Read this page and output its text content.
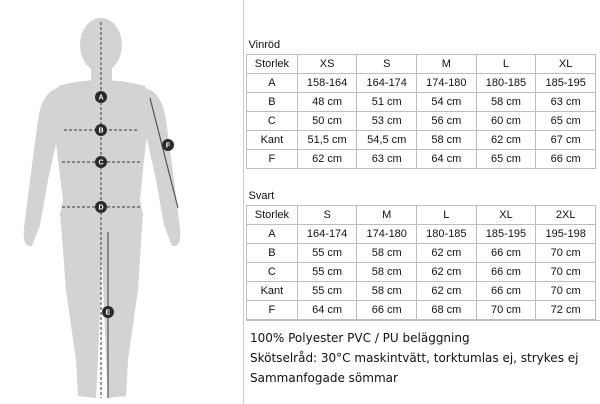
A
B
C
D
E
F
Vinröd					
Storlek	XS	S	M	L	XL
A	158-164	164-174	174-180	180-185	185-195
B	48 cm	51 cm	54 cm	58 cm	63 cm
C	50 cm	53 cm	56 cm	60 cm	65 cm
Kant	51,5 cm	54,5 cm	58 cm	62 cm	67 cm
F	62 cm	63 cm	64 cm	65 cm	66 cm
Svart					
Storlek	S	M	L	XL	2XL
A	164-174	174-180	180-185	185-195	195-198
B	55 cm	58 cm	62 cm	66 cm	70 cm
C	55 cm	58 cm	62 cm	66 cm	70 cm
Kant	55 cm	58 cm	62 cm	66 cm	70 cm
F	64 cm	66 cm	68 cm	70 cm	72 cm
100% Polyester PVC / PU beläggning
Skötselråd: 30°C maskintvätt, torktumlas ej, strykes ej
Sammanfogade sömmar
